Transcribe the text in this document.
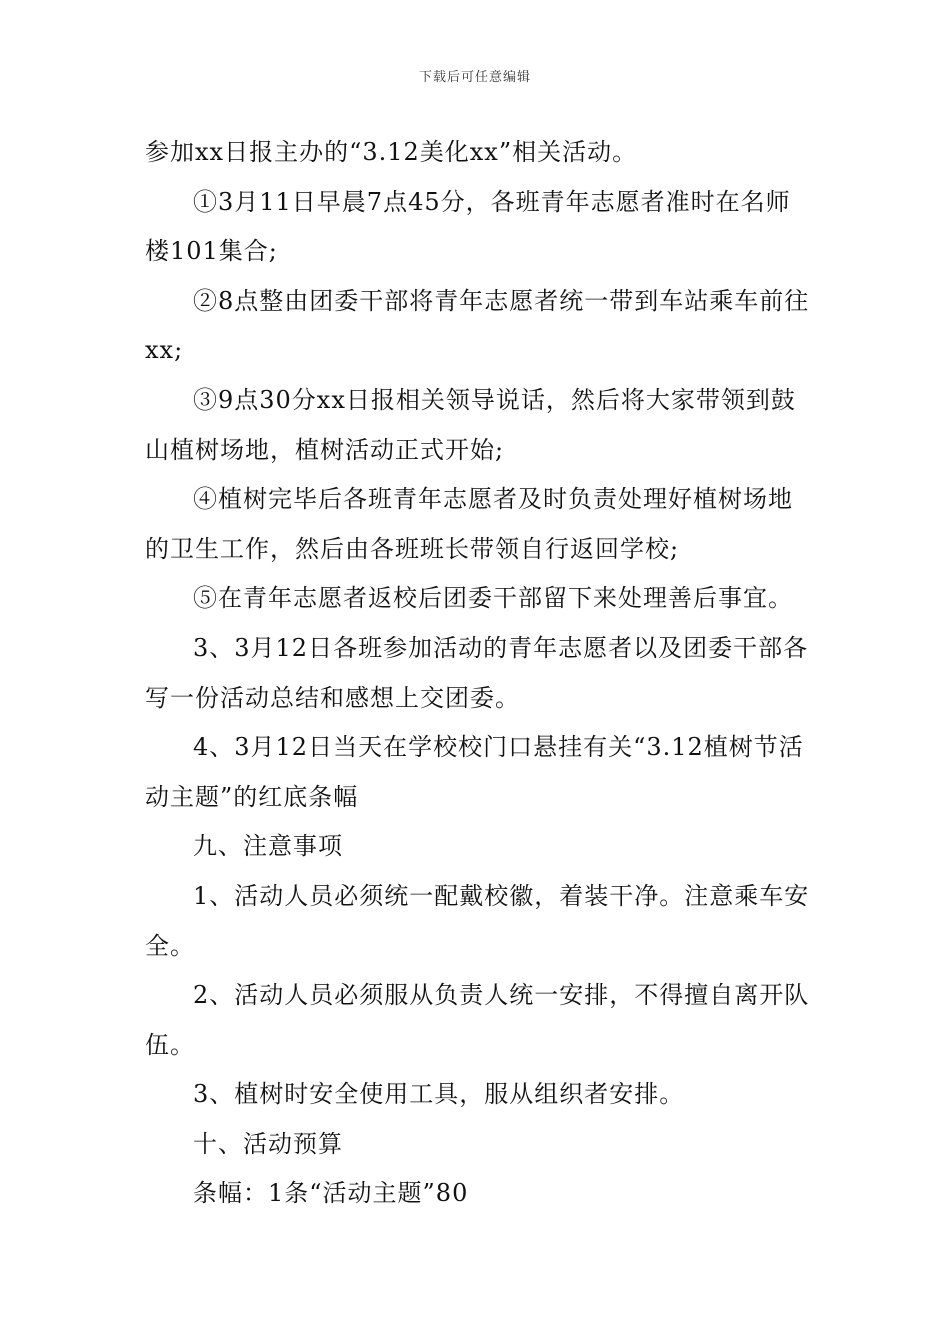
下载后可任意编辑

参加xx日报主办的“3.12美化xx”相关活动。

①3月11日早晨7点45分，各班青年志愿者准时在名师楼101集合;

②8点整由团委干部将青年志愿者统一带到车站乘车前往xx;

③9点30分xx日报相关领导说话，然后将大家带领到鼓山植树场地，植树活动正式开始;

④植树完毕后各班青年志愿者及时负责处理好植树场地的卫生工作，然后由各班班长带领自行返回学校;

⑤在青年志愿者返校后团委干部留下来处理善后事宜。

3、3月12日各班参加活动的青年志愿者以及团委干部各写一份活动总结和感想上交团委。

4、3月12日当天在学校校门口悬挂有关“3.12植树节活动主题”的红底条幅

九、注意事项

1、活动人员必须统一配戴校徽，着装干净。注意乘车安全。

2、活动人员必须服从负责人统一安排，不得擅自离开队伍。

3、植树时安全使用工具，服从组织者安排。

十、活动预算

条幅：1条“活动主题”80
